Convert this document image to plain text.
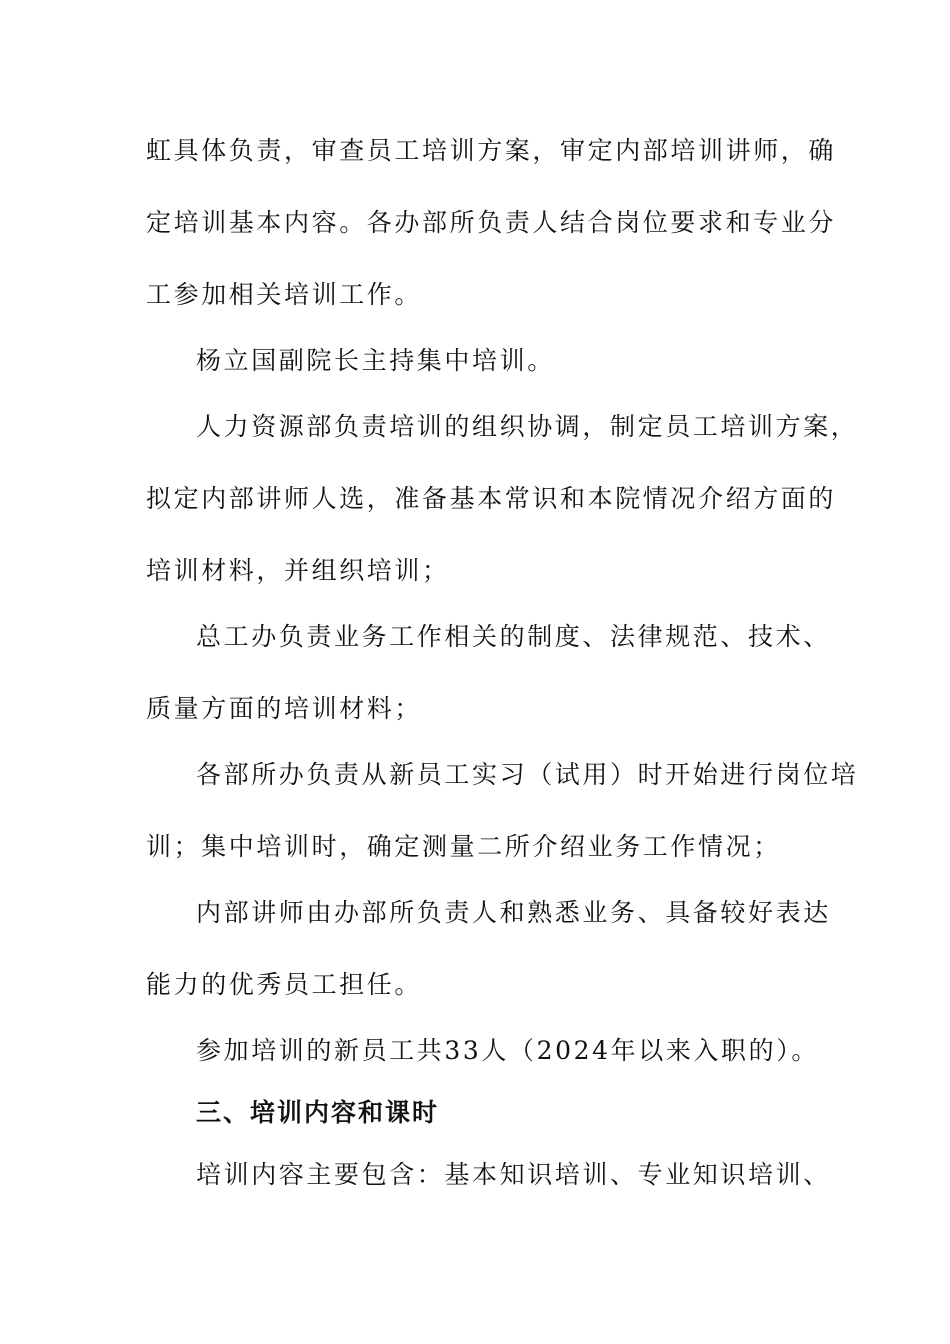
虹具体负责，审查员工培训方案，审定内部培训讲师，确
定培训基本内容。各办部所负责人结合岗位要求和专业分
工参加相关培训工作。
杨立国副院长主持集中培训。
人力资源部负责培训的组织协调，制定员工培训方案，
拟定内部讲师人选，准备基本常识和本院情况介绍方面的
培训材料，并组织培训；
总工办负责业务工作相关的制度、法律规范、技术、
质量方面的培训材料；
各部所办负责从新员工实习（试用）时开始进行岗位培
训；集中培训时，确定测量二所介绍业务工作情况；
内部讲师由办部所负责人和熟悉业务、具备较好表达
能力的优秀员工担任。
参加培训的新员工共33人（2024年以来入职的）。
三、培训内容和课时
培训内容主要包含：基本知识培训、专业知识培训、
